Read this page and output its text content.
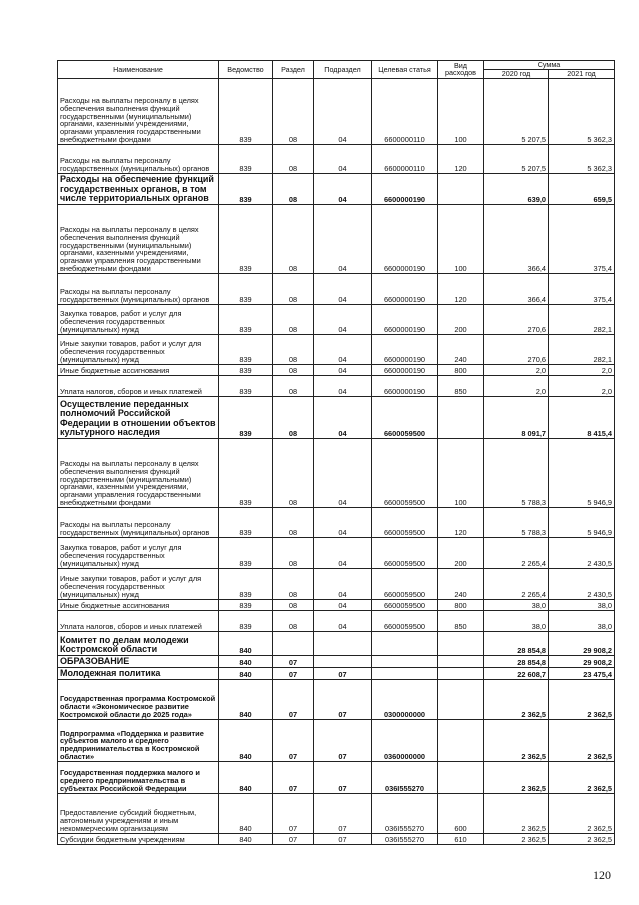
Наименование	Ведомство	Раздел	Подраздел	Целевая статья	Вид расходов	Сумма	
						2020 год	2021 год
Расходы на выплаты персоналу в целях обеспечения выполнения функций государственными (муниципальными) органами, казенными учреждениями, органами управления государственными внебюджетными фондами	839	08	04	6600000110	100	5 207,5	5 362,3
Расходы на выплаты персоналу государственных (муниципальных) органов	839	08	04	6600000110	120	5 207,5	5 362,3
Расходы на обеспечение функций государственных органов, в том числе территориальных органов	839	08	04	6600000190		639,0	659,5
Расходы на выплаты персоналу в целях обеспечения выполнения функций государственными (муниципальными) органами, казенными учреждениями, органами управления государственными внебюджетными фондами	839	08	04	6600000190	100	366,4	375,4
Расходы на выплаты персоналу государственных (муниципальных) органов	839	08	04	6600000190	120	366,4	375,4
Закупка товаров, работ и услуг для обеспечения государственных (муниципальных) нужд	839	08	04	6600000190	200	270,6	282,1
Иные закупки товаров, работ и услуг для обеспечения государственных (муниципальных) нужд	839	08	04	6600000190	240	270,6	282,1
Иные бюджетные ассигнования	839	08	04	6600000190	800	2,0	2,0
Уплата налогов, сборов и иных платежей	839	08	04	6600000190	850	2,0	2,0
Осуществление переданных полномочий Российской Федерации в отношении объектов культурного наследия	839	08	04	6600059500		8 091,7	8 415,4
Расходы на выплаты персоналу в целях обеспечения выполнения функций государственными (муниципальными) органами, казенными учреждениями, органами управления государственными внебюджетными фондами	839	08	04	6600059500	100	5 788,3	5 946,9
Расходы на выплаты персоналу государственных (муниципальных) органов	839	08	04	6600059500	120	5 788,3	5 946,9
Закупка товаров, работ и услуг для обеспечения государственных (муниципальных) нужд	839	08	04	6600059500	200	2 265,4	2 430,5
Иные закупки товаров, работ и услуг для обеспечения государственных (муниципальных) нужд	839	08	04	6600059500	240	2 265,4	2 430,5
Иные бюджетные ассигнования	839	08	04	6600059500	800	38,0	38,0
Уплата налогов, сборов и иных платежей	839	08	04	6600059500	850	38,0	38,0
Комитет по делам молодежи Костромской области	840					28 854,8	29 908,2
ОБРАЗОВАНИЕ	840	07				28 854,8	29 908,2
Молодежная политика	840	07	07			22 608,7	23 475,4
Государственная программа Костромской области «Экономическое развитие Костромской области до 2025 года»	840	07	07	0300000000		2 362,5	2 362,5
Подпрограмма «Поддержка и развитие субъектов малого и среднего предпринимательства в Костромской области»	840	07	07	0360000000		2 362,5	2 362,5
Государственная поддержка малого и среднего предпринимательства в субъектах Российской Федерации	840	07	07	036I555270		2 362,5	2 362,5
Предоставление субсидий бюджетным, автономным учреждениям и иным некоммерческим организациям	840	07	07	036I555270	600	2 362,5	2 362,5
Субсидии бюджетным учреждениям	840	07	07	036I555270	610	2 362,5	2 362,5
120
